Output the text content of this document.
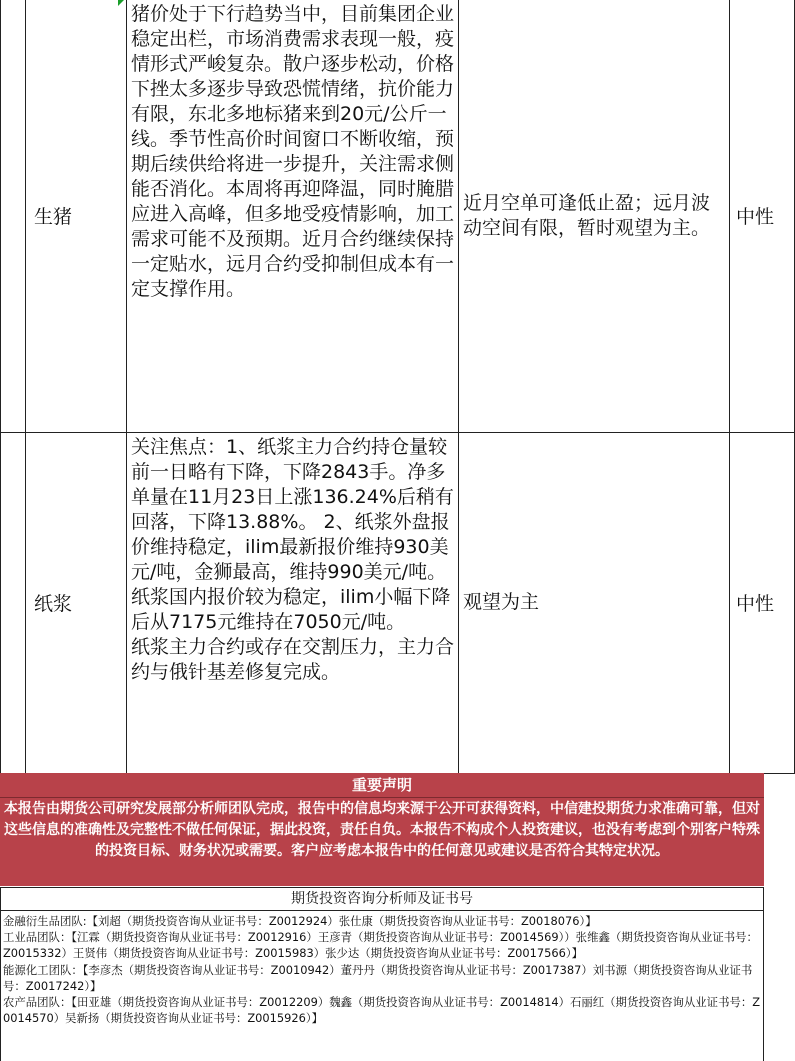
	生猪	猪价处于下行趋势当中，目前集团企业稳定出栏，市场消费需求表现一般，疫情形式严峻复杂。散户逐步松动，价格下挫太多逐步导致恐慌情绪，抗价能力有限，东北多地标猪来到20元/公斤一线。季节性高价时间窗口不断收缩，预期后续供给将进一步提升，关注需求侧能否消化。本周将再迎降温，同时腌腊应进入高峰，但多地受疫情影响，加工需求可能不及预期。近月合约继续保持一定贴水，远月合约受抑制但成本有一定支撑作用。	近月空单可逢低止盈；远月波动空间有限，暂时观望为主。	中性
	纸浆	关注焦点：1、纸浆主力合约持仓量较前一日略有下降，下降2843手。净多单量在11月23日上涨136.24%后稍有回落，下降13.88%。 2、纸浆外盘报价维持稳定，ilim最新报价维持930美元/吨，金狮最高，维持990美元/吨。 纸浆国内报价较为稳定，ilim小幅下降后从7175元维持在7050元/吨。
纸浆主力合约或存在交割压力，主力合约与俄针基差修复完成。	观望为主	中性
重要声明
本报告由期货公司研究发展部分析师团队完成，报告中的信息均来源于公开可获得资料，中信建投期货力求准确可靠，但对这些信息的准确性及完整性不做任何保证，据此投资，责任自负。本报告不构成个人投资建议，也没有考虑到个别客户特殊的投资目标、财务状况或需要。客户应考虑本报告中的任何意见或建议是否符合其特定状况。
期货投资咨询分析师及证书号
金融衍生品团队:【刘超（期货投资咨询从业证书号：Z0012924）张仕康（期货投资咨询从业证书号：Z0018076）】
工业品团队：【江霖（期货投资咨询从业证书号：Z0012916）王彦青（期货投资咨询从业证书号：Z0014569））张维鑫（期货投资咨询从业证书号：Z0015332）王贤伟（期货投资咨询从业证书号：Z0015983）张少达（期货投资咨询从业证书号：Z0017566）】
能源化工团队：【李彦杰（期货投资咨询从业证书号：Z0010942）董丹丹（期货投资咨询从业证书号：Z0017387）刘书源（期货投资咨询从业证书号：Z0017242）】
农产品团队：【田亚雄（期货投资咨询从业证书号：Z0012209）魏鑫（期货投资咨询从业证书号：Z0014814）石丽红（期货投资咨询从业证书号：Z0014570）吴新扬（期货投资咨询从业证书号：Z0015926）】
